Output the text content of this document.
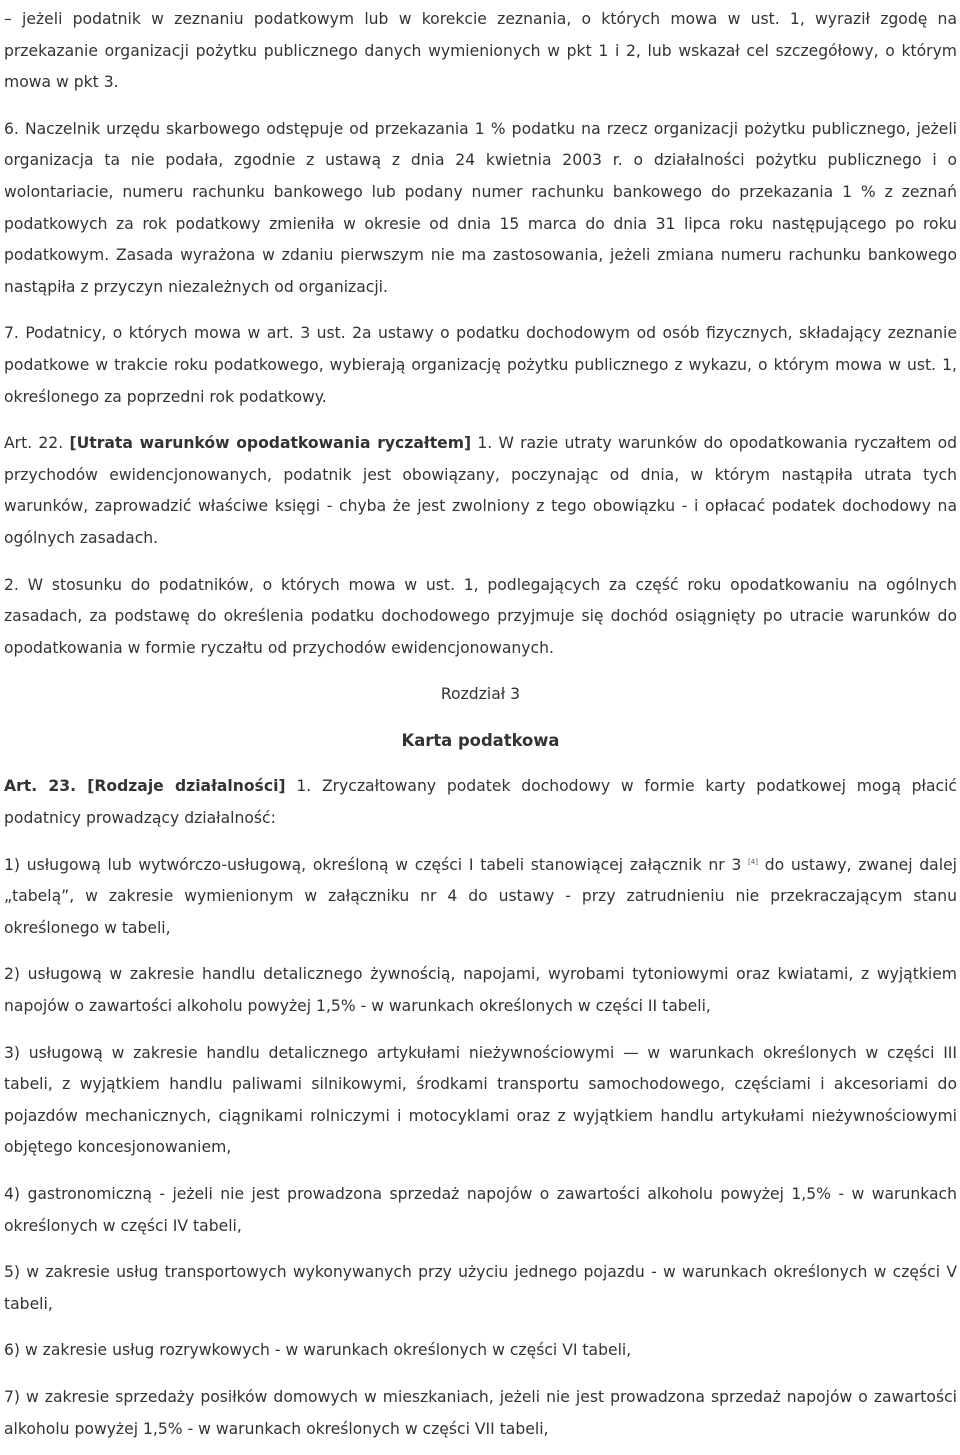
– jeżeli podatnik w zeznaniu podatkowym lub w korekcie zeznania, o których mowa w ust. 1, wyraził zgodę na przekazanie organizacji pożytku publicznego danych wymienionych w pkt 1 i 2, lub wskazał cel szczegółowy, o którym mowa w pkt 3.

6. Naczelnik urzędu skarbowego odstępuje od przekazania 1 % podatku na rzecz organizacji pożytku publicznego, jeżeli organizacja ta nie podała, zgodnie z ustawą z dnia 24 kwietnia 2003 r. o działalności pożytku publicznego i o wolontariacie, numeru rachunku bankowego lub podany numer rachunku bankowego do przekazania 1 % z zeznań podatkowych za rok podatkowy zmieniła w okresie od dnia 15 marca do dnia 31 lipca roku następującego po roku podatkowym. Zasada wyrażona w zdaniu pierwszym nie ma zastosowania, jeżeli zmiana numeru rachunku bankowego nastąpiła z przyczyn niezależnych od organizacji.

7. Podatnicy, o których mowa w art. 3 ust. 2a ustawy o podatku dochodowym od osób fizycznych, składający zeznanie podatkowe w trakcie roku podatkowego, wybierają organizację pożytku publicznego z wykazu, o którym mowa w ust. 1, określonego za poprzedni rok podatkowy.

Art. 22. [Utrata warunków opodatkowania ryczałtem] 1. W razie utraty warunków do opodatkowania ryczałtem od przychodów ewidencjonowanych, podatnik jest obowiązany, poczynając od dnia, w którym nastąpiła utrata tych warunków, zaprowadzić właściwe księgi - chyba że jest zwolniony z tego obowiązku - i opłacać podatek dochodowy na ogólnych zasadach.

2. W stosunku do podatników, o których mowa w ust. 1, podlegających za część roku opodatkowaniu na ogólnych zasadach, za podstawę do określenia podatku dochodowego przyjmuje się dochód osiągnięty po utracie warunków do opodatkowania w formie ryczałtu od przychodów ewidencjonowanych.

Rozdział 3
Karta podatkowa

Art. 23. [Rodzaje działalności] 1. Zryczałtowany podatek dochodowy w formie karty podatkowej mogą płacić podatnicy prowadzący działalność:

1) usługową lub wytwórczo-usługową, określoną w części I tabeli stanowiącej załącznik nr 3 [4] do ustawy, zwanej dalej „tabelą”, w zakresie wymienionym w załączniku nr 4 do ustawy - przy zatrudnieniu nie przekraczającym stanu określonego w tabeli,

2) usługową w zakresie handlu detalicznego żywnością, napojami, wyrobami tytoniowymi oraz kwiatami, z wyjątkiem napojów o zawartości alkoholu powyżej 1,5% - w warunkach określonych w części II tabeli,

3) usługową w zakresie handlu detalicznego artykułami nieżywnościowymi — w warunkach określonych w części III tabeli, z wyjątkiem handlu paliwami silnikowymi, środkami transportu samochodowego, częściami i akcesoriami do pojazdów mechanicznych, ciągnikami rolniczymi i motocyklami oraz z wyjątkiem handlu artykułami nieżywnościowymi objętego koncesjonowaniem,

4) gastronomiczną - jeżeli nie jest prowadzona sprzedaż napojów o zawartości alkoholu powyżej 1,5% - w warunkach określonych w części IV tabeli,

5) w zakresie usług transportowych wykonywanych przy użyciu jednego pojazdu - w warunkach określonych w części V tabeli,

6) w zakresie usług rozrywkowych - w warunkach określonych w części VI tabeli,

7) w zakresie sprzedaży posiłków domowych w mieszkaniach, jeżeli nie jest prowadzona sprzedaż napojów o zawartości alkoholu powyżej 1,5% - w warunkach określonych w części VII tabeli,
